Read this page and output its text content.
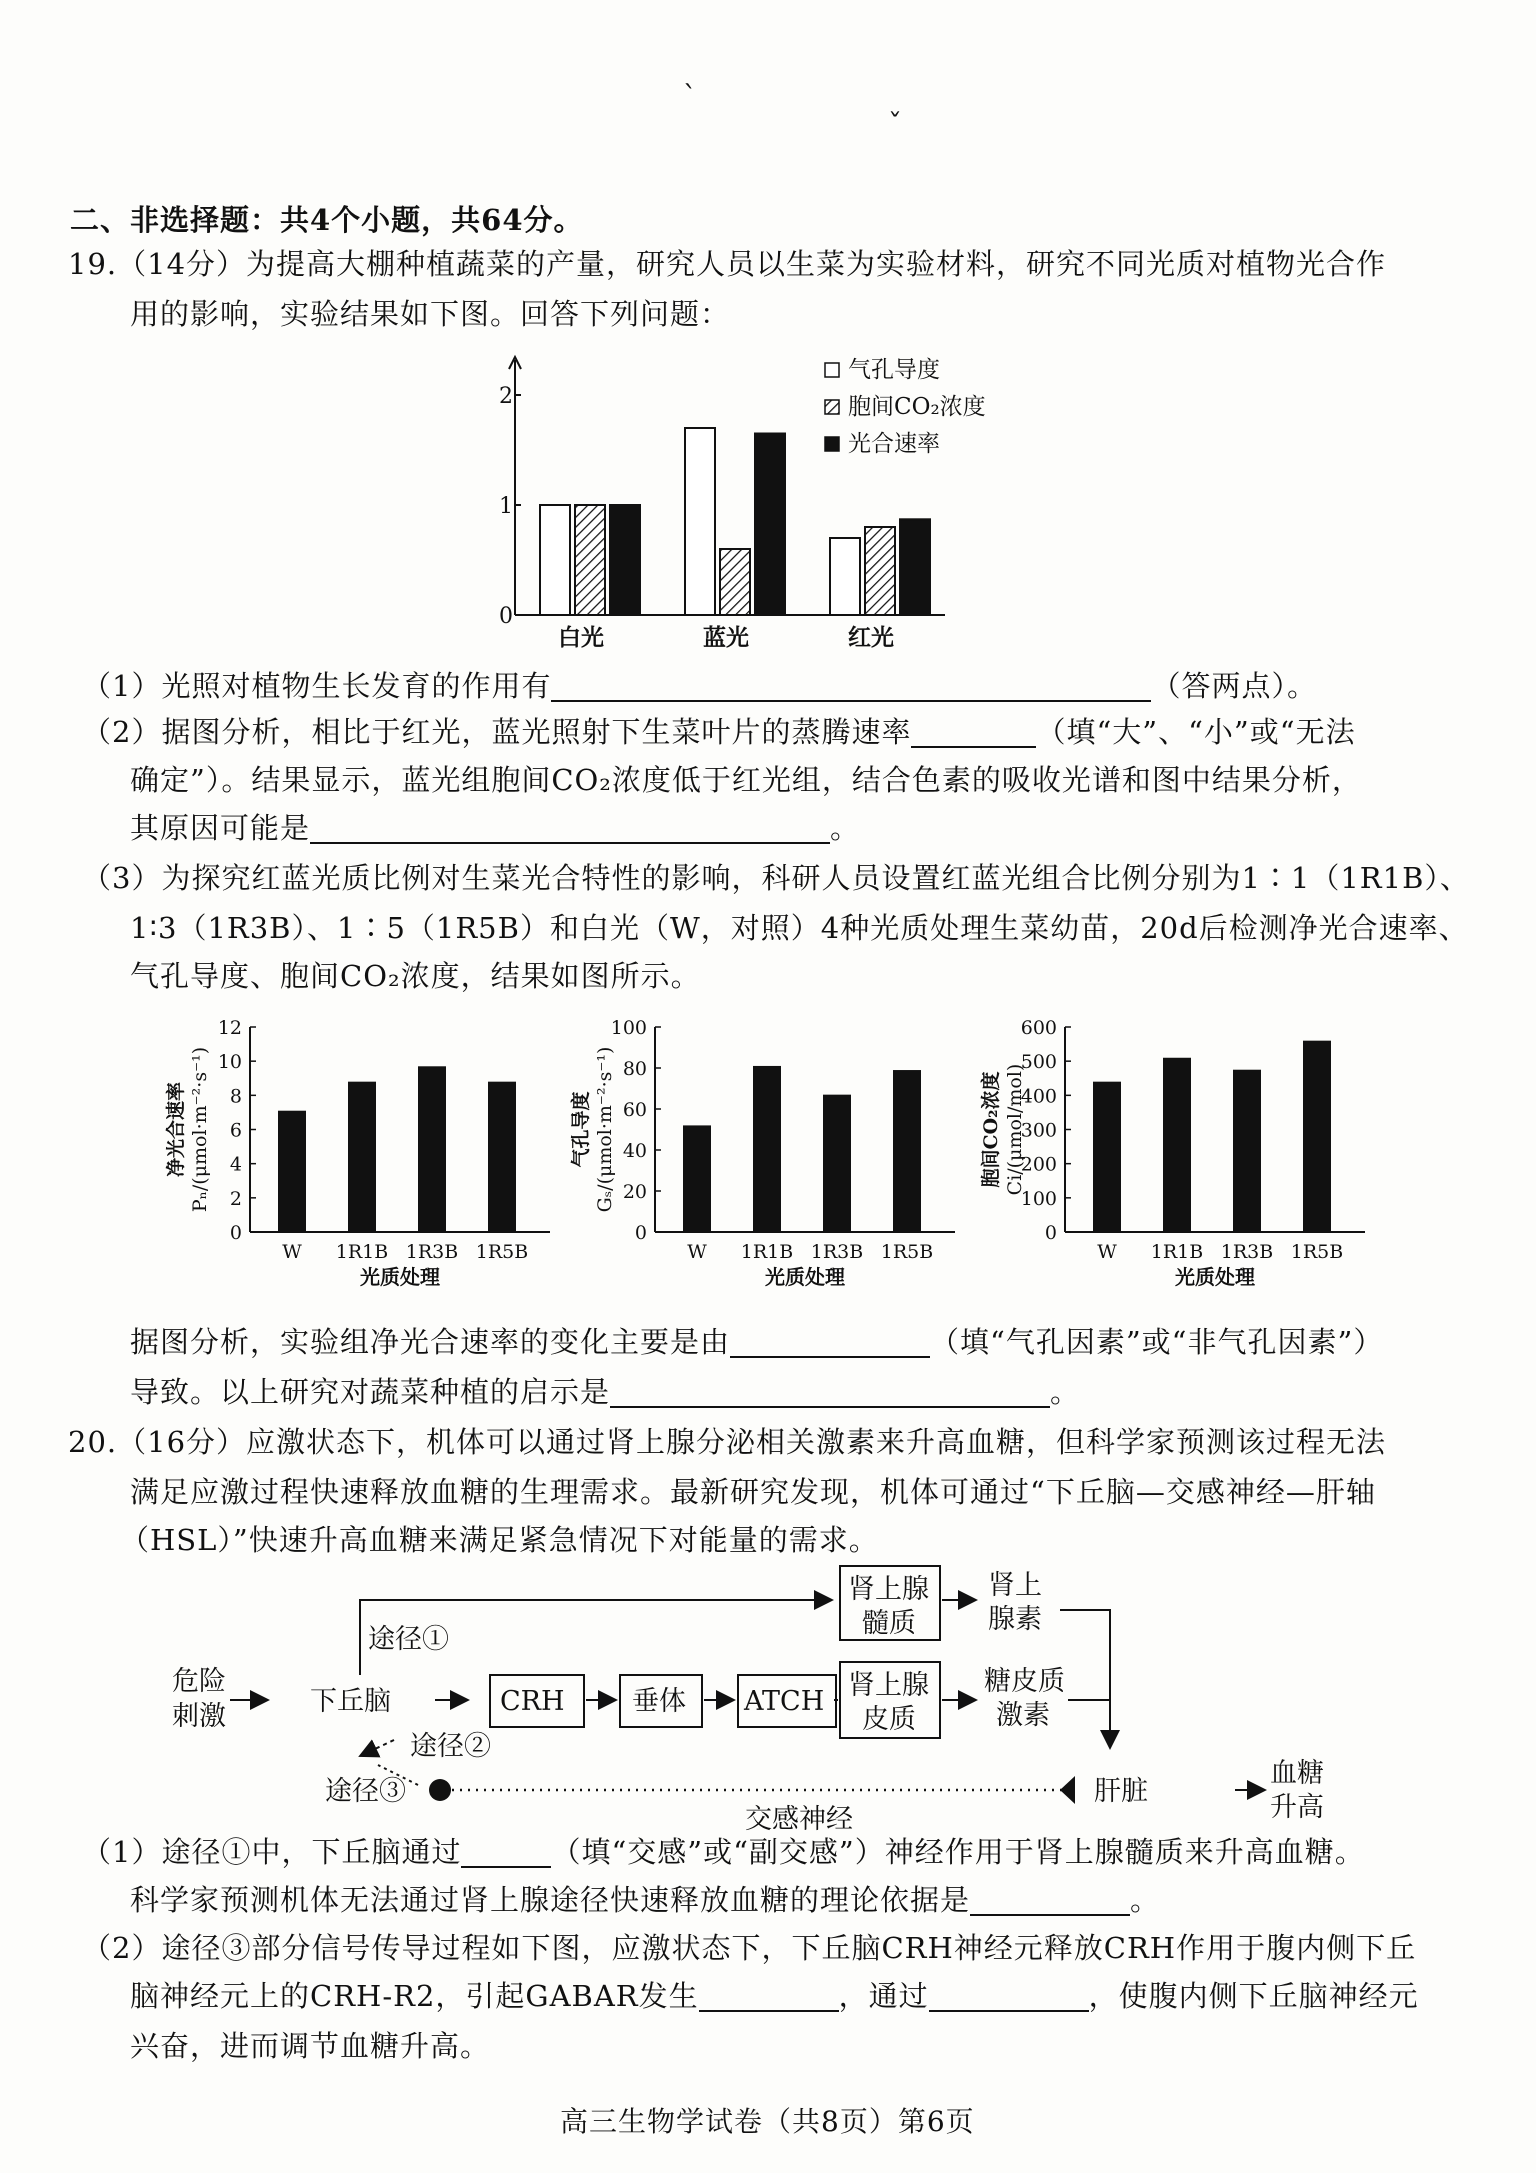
ˋ
ˇ
二、非选择题：共4个小题，共64分。
19.（14分）为提高大棚种植蔬菜的产量，研究人员以生菜为实验材料，研究不同光质对植物光合作
用的影响，实验结果如下图。回答下列问题：
0
1
2
白光	蓝光	红光
气孔导度
胞间CO₂浓度
光合速率
（1）光照对植物生长发育的作用有	（答两点）。
（2）据图分析，相比于红光，蓝光照射下生菜叶片的蒸腾速率	（填“大”、“小”或“无法
确定”）。结果显示，蓝光组胞间CO₂浓度低于红光组，结合色素的吸收光谱和图中结果分析，
其原因可能是	。
（3）为探究红蓝光质比例对生菜光合特性的影响，科研人员设置红蓝光组合比例分别为1∶1（1R1B）、
1∶3（1R3B）、1∶5（1R5B）和白光（W，对照）4种光质处理生菜幼苗，20d后检测净光合速率、
气孔导度、胞间CO₂浓度，结果如图所示。
0
2
4
6
8
10
12
W 1R1B 1R3B 1R5B
光质处理
净光合速率 Pₙ/(μmol·m⁻²·s⁻¹)
0
20
40
60
80
100
W 1R1B 1R3B 1R5B
光质处理
气孔导度 Gₛ/(μmol·m⁻²·s⁻¹)
0
100
200
300
400
500
600
W 1R1B 1R3B 1R5B
光质处理
胞间CO₂浓度 Ci/(μmol/mol)
据图分析，实验组净光合速率的变化主要是由	（填“气孔因素”或“非气孔因素”）
导致。以上研究对蔬菜种植的启示是	。
20.（16分）应激状态下，机体可以通过肾上腺分泌相关激素来升高血糖，但科学家预测该过程无法
满足应激过程快速释放血糖的生理需求。最新研究发现，机体可通过“下丘脑—交感神经—肝轴
（HSL）”快速升高血糖来满足紧急情况下对能量的需求。
危险
刺激	下丘脑
途径①
肾上腺
髓质
肾上
腺素
CRH 垂体 ATCH
肾上腺
皮质
糖皮质
激素
途径②
途径③
交感神经
肝脏
血糖
升高
（1）途径①中，下丘脑通过	（填“交感”或“副交感”）神经作用于肾上腺髓质来升高血糖。
科学家预测机体无法通过肾上腺途径快速释放血糖的理论依据是	。
（2）途径③部分信号传导过程如下图，应激状态下，下丘脑CRH神经元释放CRH作用于腹内侧下丘
脑神经元上的CRH-R2，引起GABAR发生	，通过	，使腹内侧下丘脑神经元
兴奋，进而调节血糖升高。
高三生物学试卷（共8页）第6页
